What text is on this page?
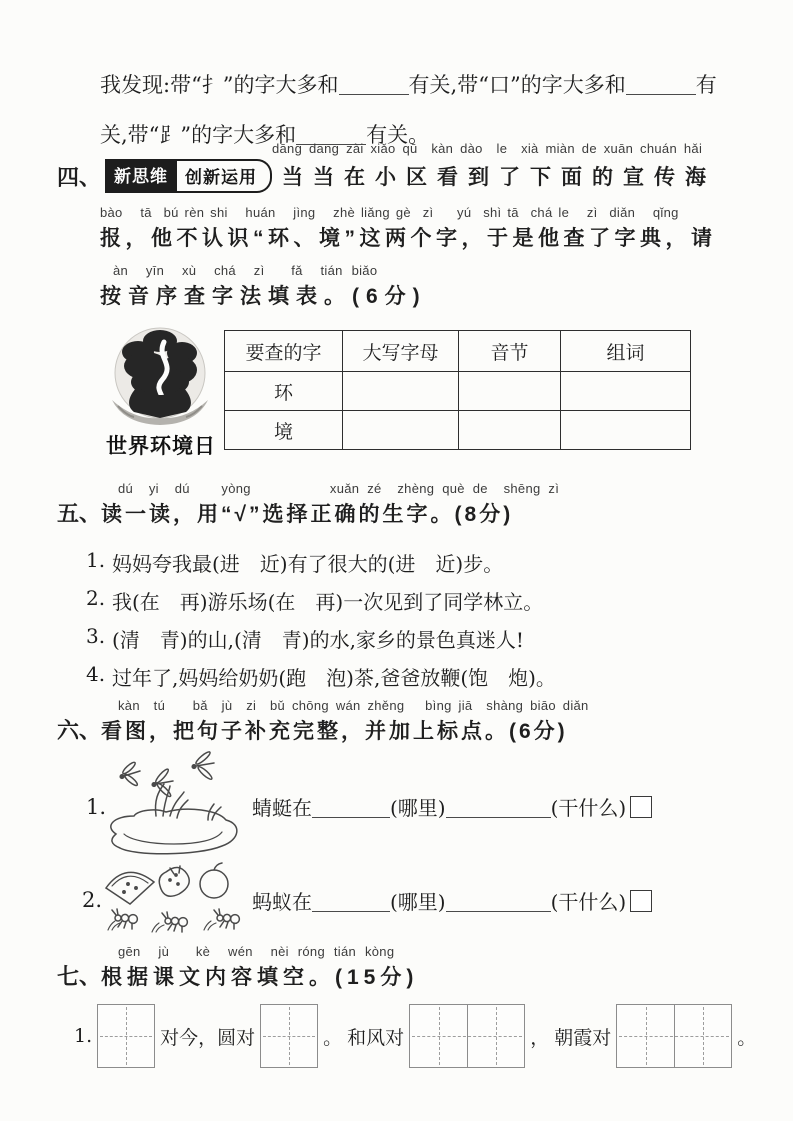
我发现:带“扌”的字大多和	有关,带“口”的字大多和	有
关,带“⻊”的字大多和	有关。
dāng dang zài xiǎo qū  kàn dào  le  xià miàn de xuān chuán hǎi
四、 新思维	创新运用	当当在小区看到了下面的宣传海
bào   tā  bú rèn shi   huán   jìng   zhè liǎng gè  zì    yú  shì tā  chá le   zì  diǎn   qǐng
报，他不认识“环、境”这两个字，于是他查了字典，请
àn  yīn  xù  chá  zì   fǎ  tián biǎo
按音序查字法填表。(6分)
世界环境日
要查的字	大写字母	音节	组词
环			
境			
dú  yi  dú    yòng          xuǎn zé  zhèng què de  shēng zì
五、 读一读，用“√”选择正确的生字。(8分)
妈妈夸我最(进　近)有了很大的(进　近)步。
我(在　再)游乐场(在　再)一次见到了同学林立。
(清　青)的山,(清　青)的水,家乡的景色真迷人!
过年了,妈妈给奶奶(跑　泡)茶,爸爸放鞭(饱　炮)。
1.
2.
3.
4.
kàn  tú    bǎ  jù  zi  bǔ chōng wán zhěng   bìng jiā  shàng biāo diǎn
六、 看图，把句子补充完整，并加上标点。(6分)
1.	蜻蜓在	(哪里)	(干什么)
2.	蚂蚁在	(哪里)	(干什么)
gēn  jù   kè  wén  nèi róng tián kòng
七、 根据课文内容填空。(15分)
1.	对今，圆对	。 和风对	， 朝霞对	。
